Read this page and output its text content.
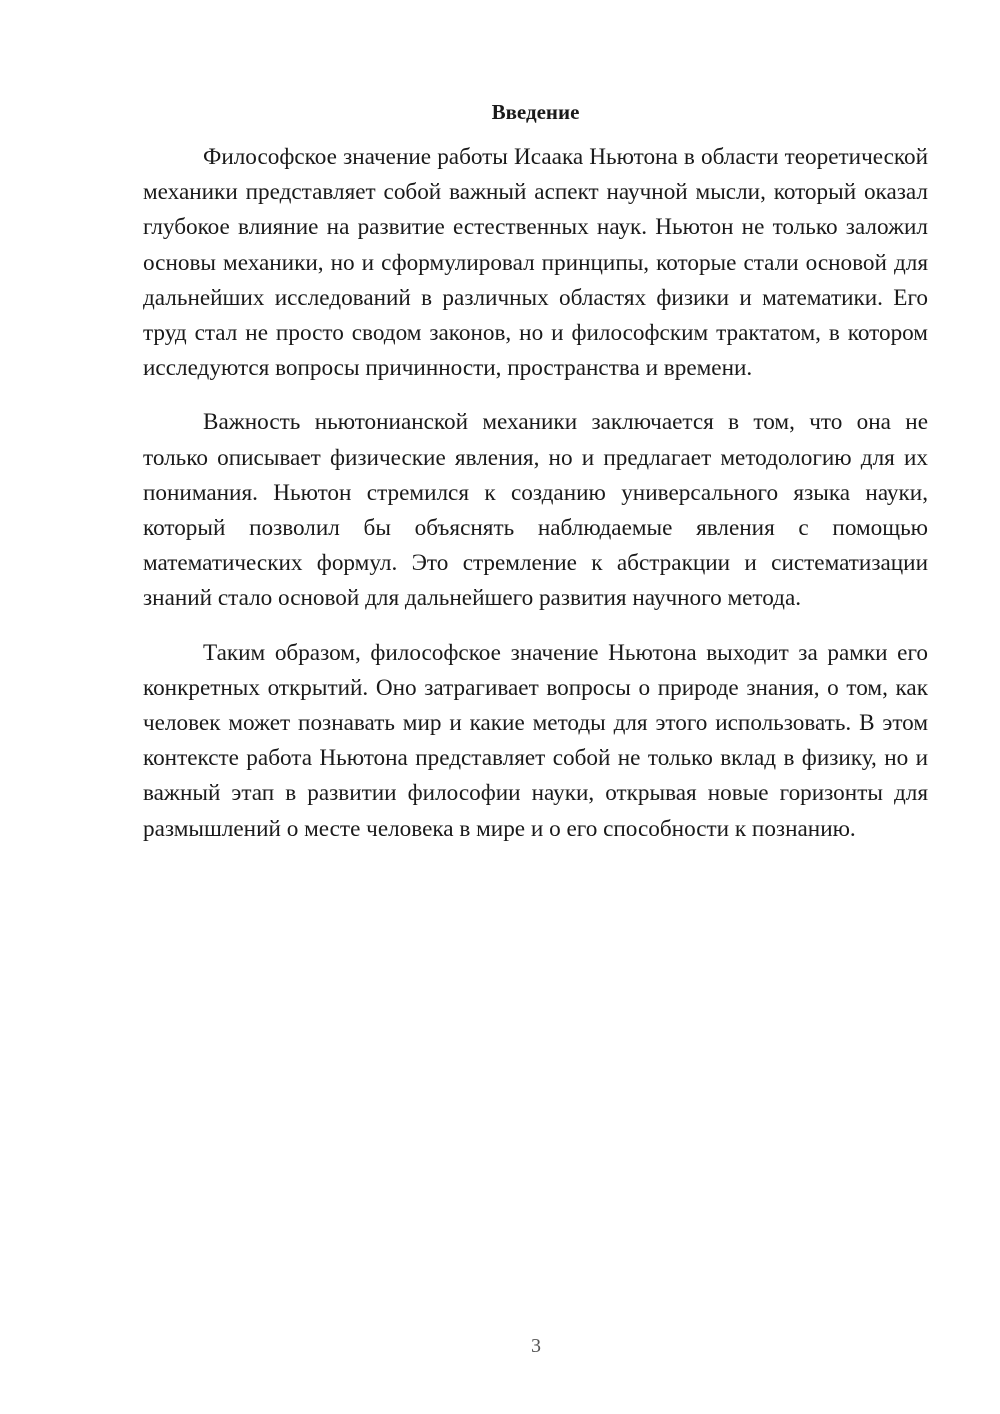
Введение

Философское значение работы Исаака Ньютона в области теоретической механики представляет собой важный аспект научной мысли, который оказал глубокое влияние на развитие естественных наук. Ньютон не только заложил основы механики, но и сформулировал принципы, которые стали основой для дальнейших исследований в различных областях физики и математики. Его труд стал не просто сводом законов, но и философским трактатом, в котором исследуются вопросы причинности, пространства и времени.

Важность ньютонианской механики заключается в том, что она не только описывает физические явления, но и предлагает методологию для их понимания. Ньютон стремился к созданию универсального языка науки, который позволил бы объяснять наблюдаемые явления с помощью математических формул. Это стремление к абстракции и систематизации знаний стало основой для дальнейшего развития научного метода.

Таким образом, философское значение Ньютона выходит за рамки его конкретных открытий. Оно затрагивает вопросы о природе знания, о том, как человек может познавать мир и какие методы для этого использовать. В этом контексте работа Ньютона представляет собой не только вклад в физику, но и важный этап в развитии философии науки, открывая новые горизонты для размышлений о месте человека в мире и о его способности к познанию.

3
